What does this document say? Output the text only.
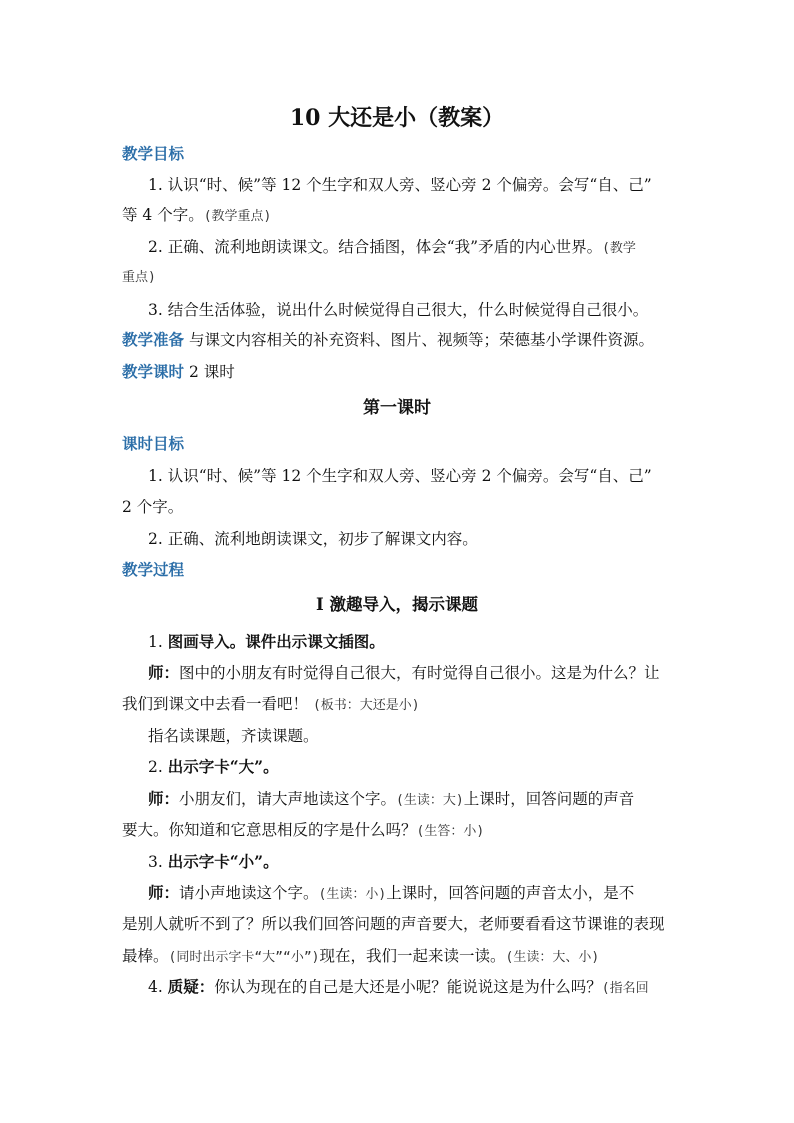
10 大还是小（教案）
教学目标
1. 认识“时、候”等 12 个生字和双人旁、竖心旁 2 个偏旁。会写“自、己”
等 4 个字。(教学重点)
2. 正确、流利地朗读课文。结合插图，体会“我”矛盾的内心世界。(教学
重点)
3. 结合生活体验，说出什么时候觉得自己很大，什么时候觉得自己很小。
教学准备 与课文内容相关的补充资料、图片、视频等；荣德基小学课件资源。
教学课时 2 课时
第一课时
课时目标
1. 认识“时、候”等 12 个生字和双人旁、竖心旁 2 个偏旁。会写“自、己”
2 个字。
2. 正确、流利地朗读课文，初步了解课文内容。
教学过程
Ⅰ 激趣导入，揭示课题
1. 图画导入。课件出示课文插图。
师：图中的小朋友有时觉得自己很大，有时觉得自己很小。这是为什么？让
我们到课文中去看一看吧！ (板书：大还是小)
指名读课题，齐读课题。
2. 出示字卡“大”。
师：小朋友们，请大声地读这个字。(生读：大)上课时，回答问题的声音
要大。你知道和它意思相反的字是什么吗？(生答：小)
3. 出示字卡“小”。
师：请小声地读这个字。(生读：小)上课时，回答问题的声音太小，是不
是别人就听不到了？所以我们回答问题的声音要大，老师要看看这节课谁的表现
最棒。(同时出示字卡“大”“小”)现在，我们一起来读一读。(生读：大、小)
4. 质疑：你认为现在的自己是大还是小呢？能说说这是为什么吗？(指名回
